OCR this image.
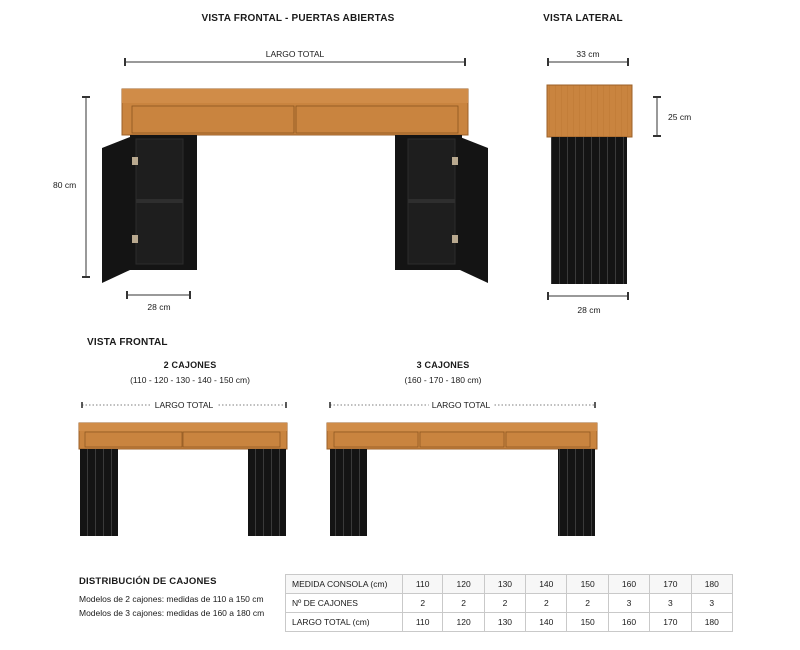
VISTA FRONTAL - PUERTAS ABIERTAS	VISTA LATERAL
LARGO TOTAL
80 cm
28 cm
33 cm
25 cm
28 cm
VISTA FRONTAL
2 CAJONES
(110 - 120 - 130 - 140 - 150 cm)
LARGO TOTAL
3 CAJONES
(160 - 170 - 180 cm)
LARGO TOTAL
DISTRIBUCIÓN DE CAJONES
Modelos de 2 cajones: medidas de 110 a 150 cm
Modelos de 3 cajones: medidas de 160 a 180 cm
MEDIDA CONSOLA (cm)	110	120	130	140	150	160	170	180
Nº DE CAJONES	2	2	2	2	2	3	3	3
LARGO TOTAL (cm)	110	120	130	140	150	160	170	180
